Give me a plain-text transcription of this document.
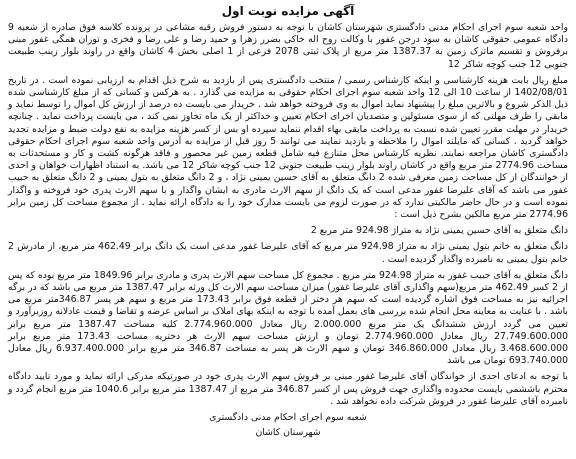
آگهی مزایده نوبت اول

واحد شعبه سوم اجرای احکام مدنی دادگستری شهرستان کاشان با توجه به دستور فروش رقبه مشاعی در پرونده کلاسه فوق صادره از شعبه 9 دادگاه عمومی حقوقی کاشان به سود درجن غفور با وکالت روح اله خاکی بضرر زهرا و حمید رضا و علی رضا و فخری و توران همگی غفور مبنی برفروش و تقسیم ماترک زمین به 1387.37 متر مربع از پلاک ثبتی 2078 فرعی از 1 اصلی بخش 4 کاشان واقع در راوند بلوار زینب طبیعت جنوبی 12 جنب کوچه شاکر 12

مبلغ ریال بابت هزینه کارشناسی و اینکه کارشناس رسمی / منتخب دادگستری پس از بازدید به شرح ذیل اقدام به ارزیابی نموده است . در تاریخ 1402/08/01 از ساعت 10 الی 12 واحد شعبه سوم اجرای احکام حقوقی به مزایده می گذارد . به هرکس و کسانی که از مبلغ کارشناسی شده ذیل الذکر شروع و بالاترین مبلغ را پیشنهاد نماید اموال به وی فروخته خواهد شد . خریدار می بایست ده درصد از ارزش کل اموال را توسط نماید و مابقی را ظرف مهلتی که از سوی مسئولین و متصدیان اجرای احکام تعیین و حداکثر از یک ماه تجاوز نمی کند ، می بایست پرداخت نماید . چنانچه خریدار در مهلت مقرر تعیین شده نسبت به پرداخت مابقی بهاء اقدام ننماید سپرده او بس از کسر هزینه مزایده به نفع دولت ضبط و مزایده تجدید خواهد گردید . کسانی که مایلند اموال را ملاحظه و بازدید نمایند می توانند 5 روز قبل از مزایده به آدرس واحد شعبه سوم اجرای احکام حقوقی دادگستری کاشان مراجعه نمایند. نظریه کارشناس محل متنازع فیه شامل قطعه زمین غیر محصور و فاقد هرگونه کشت و کار و مستحدثات به مساحت 2774.96 متر مربع واقع در کاشان راوند بلوار زینب طبیعت جنوبی 12 جنب کوچه شاکر 12 می باشد. به استناد اظهارات خواهان و احدی از خوانندگان از کل مساحت زمین معرفی شده 2 دانگ متعلق به آقای حسین یمینی نژاد ، و 2 دانگ متعلق به بتول یمینی و 2 دانگ متعلق به حبیب غفور می باشد که آقای علیرضا غفور مدعی است که یک دانگ از سهم الارث مادری به ایشان واگذار و با سهم الارث پدری خود فروخته و واگذار نموده است و در حال حاضر مالکیتی ندارد که در صورت لزوم می بایست مدارک خود را به دادگاه ارائه نماید . از مجموع مساحت کل زمین برابر 2774.96 متر مربع مالکین بشرح ذیل است :

دانگ متعلق به آقای حسین یمینی نژاد به متراژ 924.98 متر مربع 2

دانگ متعلق به خانم بتول یمینی نژاد به متراژ 924.98 متر مربع که آقای علیرضا غفور مدعی است یک دانگ برابر 462.49 متر مربع، از مادرش 2 خانم بتول یمینی به نامبرده واگذار گردیده است .

دانگ متعلق به آقای حبیب غفور به متراژ 924.98 متر مربع . مجموع کل مساحت سهم الارث پدری و مادری برابر 1849.96 متر مربع بوده که پس از 2 کسر 462.49 متر مربع(سهم واگذاری آقای علیرضا غفور) میزان مساحت سهم الارث کل ورثه برابر 1387.47 متر مربع می باشد که در برگه اجرائیه نیز به مساحت فوق اشاره گردیده است که سهم هر دختر از قطعه فوق برابر 173.43 متر مربع و سهم هر پسر 346.87متر مربع می باشد . با عنایت به معاینه محل انجام شده بررسی های بعمل آمده با توجه به اینکه بهای املاک بر اساس عرضه و تقاضا و قیمت عادلانه روزبرآورد و تعیین می گردد ارزش ششدانگ یک متر مربع 2.000.000 ریال معادل 2.774.960.000 کلیه مساحت 1387.47 متر مربع برابر 27.749.600.000 ریال معادل 2.774.960.000 تومان و ارزش مساحت سهم الارث هر دختریه مساحت 173.43 متر مربع برابر 3.468.600.000 ریال معادل 346.860.000 تومان و سهم الارث هر پسر به مساحت 346.87 متر مربع برابر 6.937.400.000 ریال معادل 693.740.000 تومان می باشد

با توجه به ادعای احدی از خواندگان آقای علیرضا غفور مبنی بر فروش سهم الارث پدری خود در صورتیکه مدرکی ارائه نماید و مورد تایید دادگاه محترم باششمی بایست محدوده واگذاری جهت فروش پس از کسر 346.87 متر مربع از 1387.47 متر مربع برابر 1040.6 متر مربع انجام گردد و نامبرده آقای علیرضا غفور در فروش شرکت داده نخواهد شد .

شعبه سوم اجرای احکام مدنی دادگستری
شهرستان کاشان
